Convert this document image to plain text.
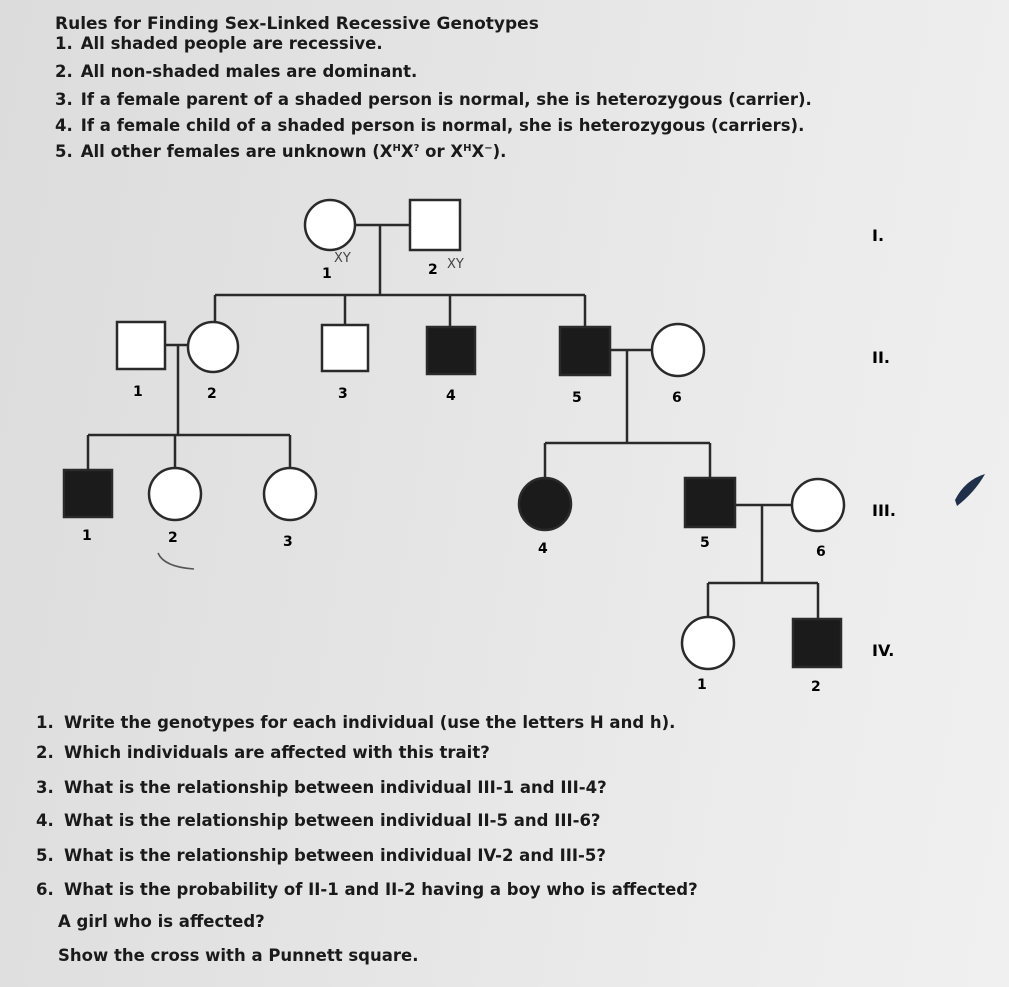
Rules for Finding Sex-Linked Recessive Genotypes
1. All shaded people are recessive.
2. All non-shaded males are dominant.
3. If a female parent of a shaded person is normal, she is heterozygous (carrier).
4. If a female child of a shaded person is normal, she is heterozygous (carriers).
5. All other females are unknown ($X^HX^?$ or $X^HX^-$).
XY	XY
1	2
1	2	3	4	5	6
1	2	3	4	5
6
1	2
I.
II.
III.
IV.
1. Write the genotypes for each individual (use the letters H and h).
2. Which individuals are affected with this trait?
3. What is the relationship between individual III-1 and III-4?
4. What is the relationship between individual II-5 and III-6?
5. What is the relationship between individual IV-2 and III-5?
6. What is the probability of II-1 and II-2 having a boy who is affected?
A girl who is affected?
Show the cross with a Punnett square.
